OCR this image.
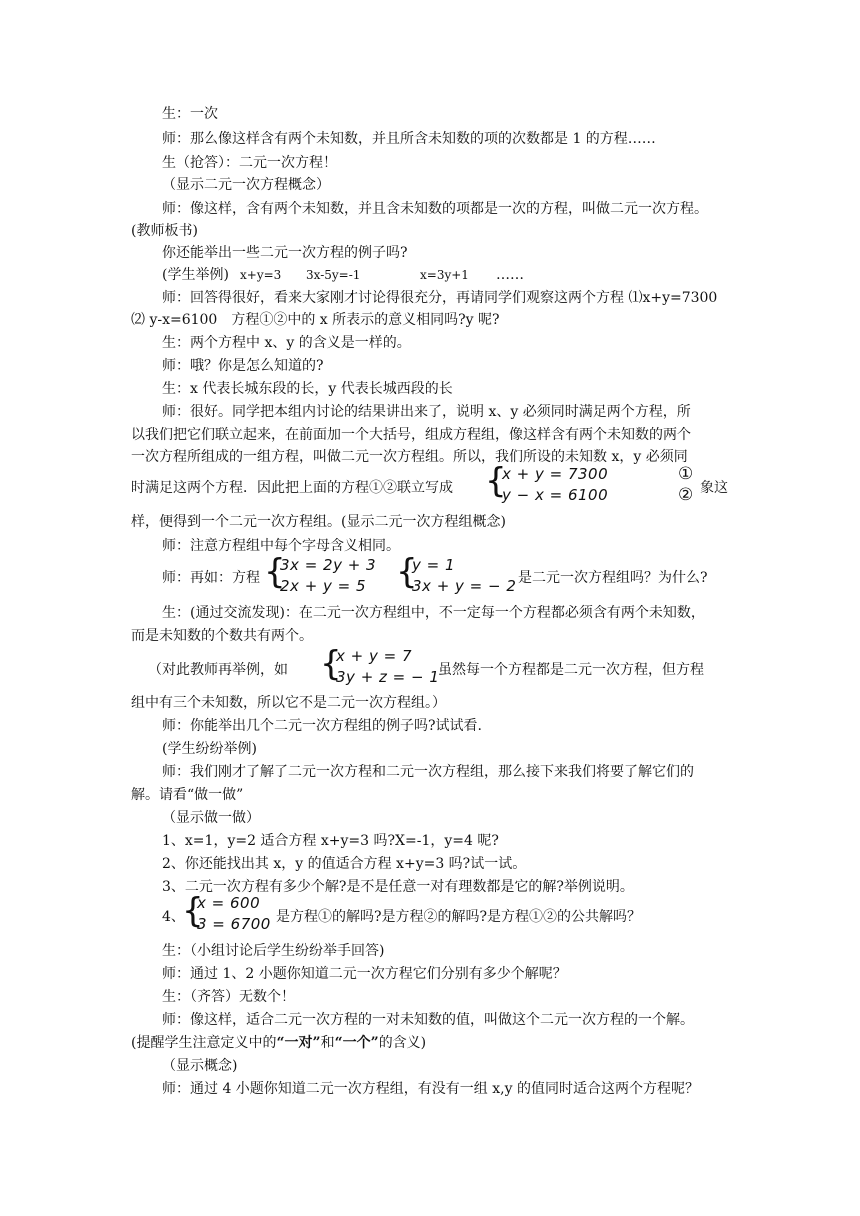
生：一次
师：那么像这样含有两个未知数，并且所含未知数的项的次数都是 1 的方程……
生（抢答）：二元一次方程！
（显示二元一次方程概念）
师：像这样，含有两个未知数，并且含未知数的项都是一次的方程，叫做二元一次方程。
(教师板书)
你还能举出一些二元一次方程的例子吗?
(学生举例) x+y=3 3x-5y=-1	x=3y+1 ……
师：回答得很好，看来大家刚才讨论得很充分，再请同学们观察这两个方程 ⑴x+y=7300
⑵ y-x=6100　方程①②中的 x 所表示的意义相同吗?y 呢?
生：两个方程中 x、y 的含义是一样的。
师：哦？你是怎么知道的?
生：x 代表长城东段的长，y 代表长城西段的长
师：很好。同学把本组内讨论的结果讲出来了，说明 x、y 必须同时满足两个方程，所
以我们把它们联立起来，在前面加一个大括号，组成方程组，像这样含有两个未知数的两个
一次方程所组成的一组方程，叫做二元一次方程组。所以，我们所设的未知数 x，y 必须同
时满足这两个方程．因此把上面的方程①②联立写成 {
x + y = 7300
y − x = 6100
①
② 象这
样，便得到一个二元一次方程组。(显示二元一次方程组概念)
师：注意方程组中每个字母含义相同。
师：再如：方程 {
3x = 2y + 3
2x + y = 5 {
y = 1
3x + y = − 2 是二元一次方程组吗？为什么?
生：(通过交流发现)：在二元一次方程组中，不一定每一个方程都必须含有两个未知数，
而是未知数的个数共有两个。
（对此教师再举例，如 {
x + y = 7
3y + z = − 1
虽然每一个方程都是二元一次方程，但方程
组中有三个未知数，所以它不是二元一次方程组。）
师：你能举出几个二元一次方程组的例子吗?试试看.
(学生纷纷举例)
师：我们刚才了解了二元一次方程和二元一次方程组，那么接下来我们将要了解它们的
解。请看“做一做”
（显示做一做）
1、x=1，y=2 适合方程 x+y=3 吗?X=-1，y=4 呢?
2、你还能找出其 x，y 的值适合方程 x+y=3 吗?试一试。
3、二元一次方程有多少个解?是不是任意一对有理数都是它的解?举例说明。
4、
{
x = 600
3 = 6700 是方程①的解吗?是方程②的解吗?是方程①②的公共解吗？
生：（小组讨论后学生纷纷举手回答)
师：通过 1、2 小题你知道二元一次方程它们分别有多少个解呢？
生：（齐答）无数个！
师：像这样，适合二元一次方程的一对未知数的值，叫做这个二元一次方程的一个解。
(提醒学生注意定义中的“一对”和“一个”的含义)
（显示概念)
师：通过 4 小题你知道二元一次方程组，有没有一组 x,y 的值同时适合这两个方程呢？
